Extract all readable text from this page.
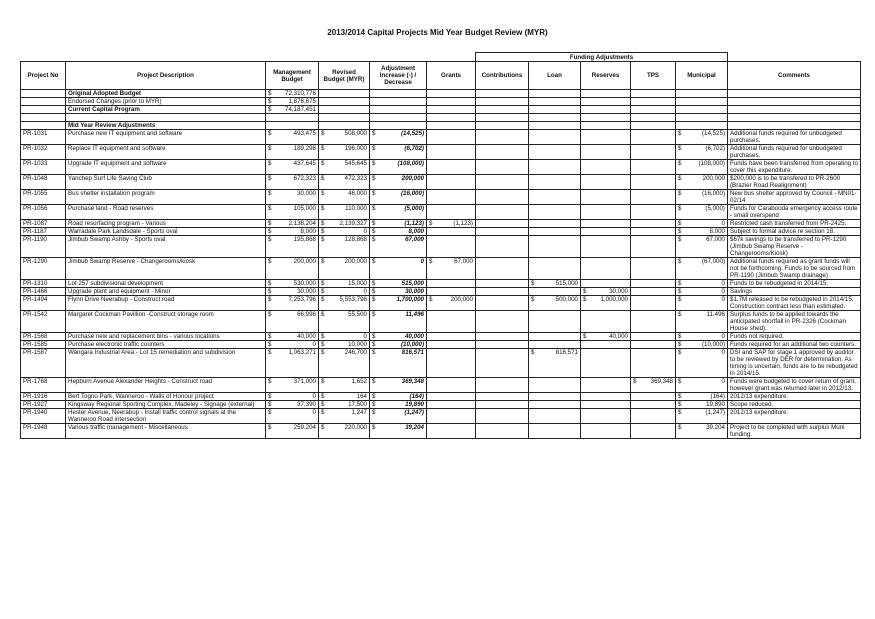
2013/2014 Capital Projects Mid Year Budget Review (MYR)
						Funding Adjustments					
Project No	Project Description	Management Budget	Revised Budget (MYR)	Adjustment Increase (-) / Decrease	Grants	Contributions	Loan	Reserves	TPS	Municipal	Comments
	Original Adopted Budget	$ 72,310,776									
	Endorsed Changes (prior to MYR)	$ 1,876,675									
	Current Capital Program	$ 74,187,451									

	Mid Year Review Adjustments										
PR-1031	Purchase new IT equipment and software	$ 493,475	$ 508,000	$ (14,525)						$ (14,525)	Additional funds required for unbudgeted purchases.
PR-1032	Replace IT equipment and software	$ 189,298	$ 196,000	$ (6,702)						$ (6,702)	Additional funds required for unbudgeted purchases.
PR-1033	Upgrade IT equipment and software	$ 437,645	$ 545,645	$ (108,000)						$ (108,000)	Funds have been transferred from operating to cover this expenditure.
PR-1048	Yanchep Surf Life Saving Club	$ 672,323	$ 472,323	$ 200,000						$ 200,000	$200,000 is to be transfered to PR-2600 (Brazier Road Realignment)
PR-1055	Bus shelter installation program	$ 30,000	$ 46,000	$ (16,000)						$ (16,000)	New bus shelter approved by Council - MN01-02/14
PR-1056	Purchase land - Road reserves	$ 105,000	$ 110,000	$ (5,000)						$ (5,000)	Funds for Carabooda emergency access route - small overspend
PR-1087	Road resurfacing program - Various	$ 2,138,204	$ 2,139,327	$ (1,123)	$ (1,123)					$ 0	Restricted cash transferred from PR-2425.
PR-1187	Warradale Park Landsdale - Sports oval	$ 8,000	$ 0	$ 8,000						$ 8,000	Subject to formal advice re section 18.
PR-1190	Jimbub Swamp Ashby - Sports oval	$ 195,868	$ 128,868	$ 67,000						$ 67,000	$67k savings to be transferred to PR-1290 (Jimbub Swamp Reserve - Changerooms/Kiosk)
PR-1290	Jimbub Swamp Reserve - Changerooms/kiosk	$ 200,000	$ 200,000	$ 0	$ 67,000					$ (67,000)	Additional funds required as grant funds will not be forthcoming. Funds to be sourced from PR-1190 (Jimbub Swamp drainage)
PR-1310	Lot 257 subdivisional development	$ 530,000	$ 15,000	$ 515,000			$ 515,000			$ 0	Funds to be rebudgeted in 2014/15.
PR-1466	Upgrade plant and equipment - Minor	$ 30,000	$ 0	$ 30,000				$ 30,000		$ 0	Savings
PR-1494	Flynn Drive Neerabup - Construct road	$ 7,253,796	$ 5,553,796	$ 1,700,000	$ 200,000		$ 500,000	$ 1,000,000		$ 0	$1.7M released to be rebudgeted in 2014/15. Construction contract less than estimated.
PR-1542	Margaret Cockman Pavillion -Construct storage room	$ 66,996	$ 55,500	$ 11,496						$ 11,496	Surplus funds to be applied towards the anticipated shortfall in PR-2326 (Cockman House shed).
PR-1568	Purchase new and replacement bins - various locations	$ 40,000	$ 0	$ 40,000				$ 40,000		$ 0	Funds not required.
PR-1585	Purchase electronic traffic counters	$ 0	$ 10,000	$ (10,000)						$ (10,000)	Funds required for an additional two counters.
PR-1587	Wangara Industrial Area - Lot 15 remediation and subdivision	$ 1,063,271	$ 246,700	$ 816,571			$ 816,571			$ 0	DSI and SAP for stage 1 approved by auditor to be reviewed by DER for determination. As timing is uncertain, funds are to be rebudgeted in 2014/15.
PR-1768	Hepburn Avenue Alexander Heights - Construct road	$ 371,000	$ 1,652	$ 369,348					$ 369,348	$ 0	Funds were budgeted to cover return of grant, however grant was returned later in 2012/13.
PR-1916	Bert Togno Park, Wanneroo - Walls of Honour project	$ 0	$ 164	$ (164)						$ (164)	2012/13 expenditure.
PR-1927	Kingsway Regional Sporting Complex, Madeley - Signage (external)	$ 37,390	$ 17,500	$ 19,890						$ 19,890	Scope reduced.
PR-1940	Hester Avenue, Neerabup - Install traffic control signals at the Wanneroo Road intersection	$ 0	$ 1,247	$ (1,247)						$ (1,247)	2012/13 expenditure.
PR-1948	Various traffic management - Miscellaneous	$ 259,204	$ 220,000	$ 39,204						$ 39,204	Project to be completed with surplus Muni funding.
